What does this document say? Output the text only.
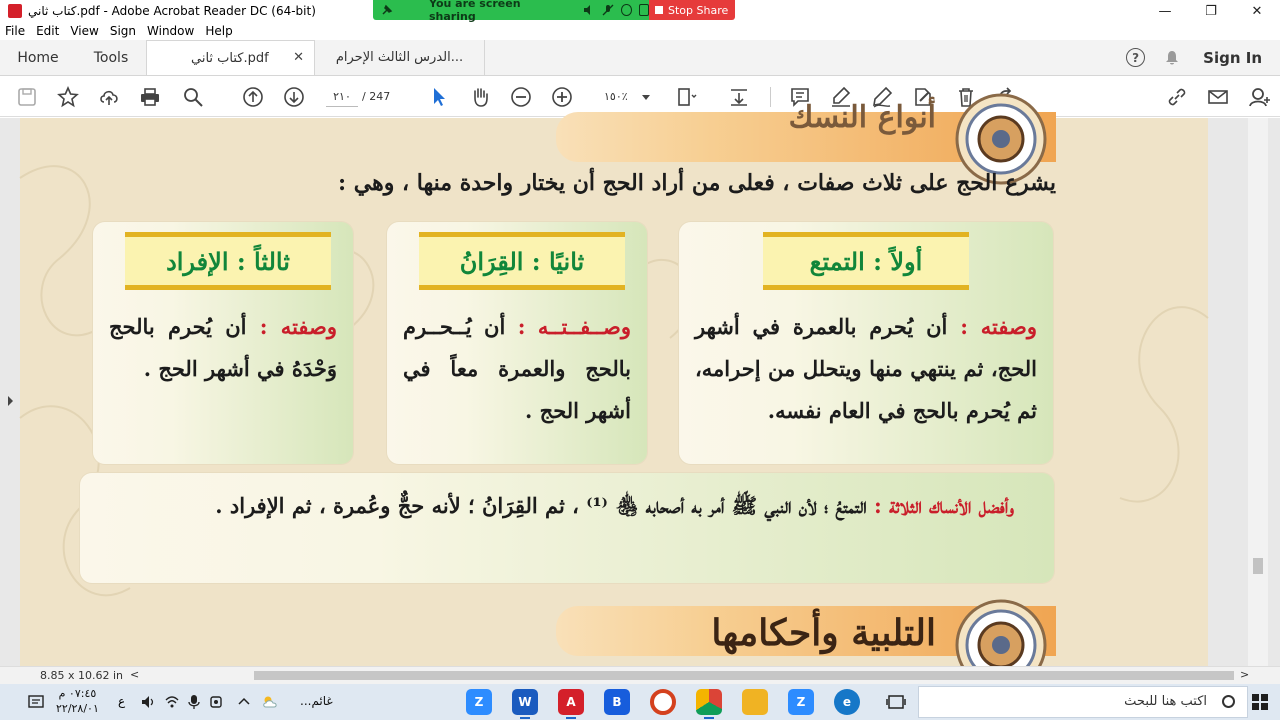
كتاب ثاني.pdf - Adobe Acrobat Reader DC (64-bit)	—	❐	✕
You are screen sharing	Stop Share
File Edit View Sign Window Help
Home	Tools	كتاب ثاني.pdf ✕	الدرس الثالث الإحرام...	?	Sign In
٢١٠	/ 247	١٥٠٪
أنواع النسك
يشرع الحج على ثلاث صفات ، فعلى من أراد الحج أن يختار واحدة منها ، وهي :
أولاً : التمتع
وصفته : أن يُحرم بالعمرة في أشهر الحج، ثم ينتهي منها ويتحلل من إحرامه، ثم يُحرم بالحج في العام نفسه.
ثانيًا : القِرَانُ
وصــفــتــه : أن يُــحــرم بالحج والعمرة معاً في أشهر الحج .
ثالثاً : الإفراد
وصفته : أن يُحرم بالحج وَحْدَهُ في أشهر الحج .
وأفضل الأنساك الثلاثة : التمتعُ ؛ لأن النبي ﷺ أمر به أصحابه ﵃ ⁽¹⁾ ، ثم القِرَانُ ؛ لأنه حجٌّ وعُمرة ، ثم الإفراد .
التلبية وأحكامها
8.85 x 10.62 in <	>
٠٧:٤٥ م
٢٢/٢٨/٠١
ع	غائم...	Z	W	A	B	Z	e	اكتب هنا للبحث
